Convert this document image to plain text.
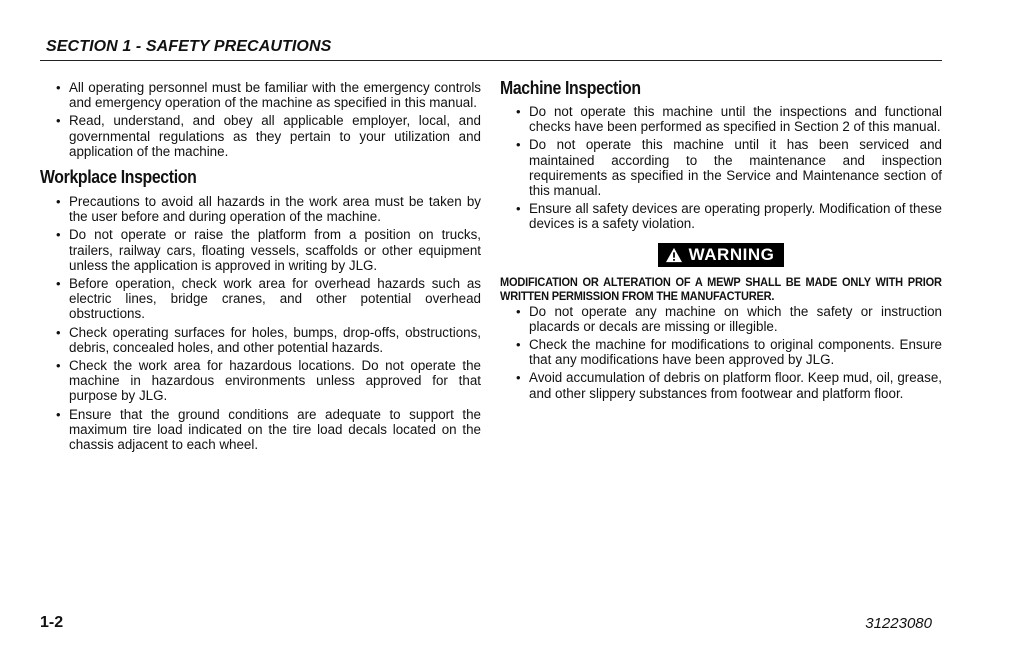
SECTION 1 - SAFETY PRECAUTIONS
• All operating personnel must be familiar with the emergency controls and emergency operation of the machine as specified in this manual.
• Read, understand, and obey all applicable employer, local, and governmental regulations as they pertain to your utilization and application of the machine.
Workplace Inspection
• Precautions to avoid all hazards in the work area must be taken by the user before and during operation of the machine.
• Do not operate or raise the platform from a position on trucks, trailers, railway cars, floating vessels, scaffolds or other equipment unless the application is approved in writing by JLG.
• Before operation, check work area for overhead hazards such as electric lines, bridge cranes, and other potential overhead obstructions.
• Check operating surfaces for holes, bumps, drop-offs, obstructions, debris, concealed holes, and other potential hazards.
• Check the work area for hazardous locations. Do not operate the machine in hazardous environments unless approved for that purpose by JLG.
• Ensure that the ground conditions are adequate to support the maximum tire load indicated on the tire load decals located on the chassis adjacent to each wheel.
Machine Inspection
• Do not operate this machine until the inspections and functional checks have been performed as specified in Section 2 of this manual.
• Do not operate this machine until it has been serviced and maintained according to the maintenance and inspection requirements as specified in the Service and Maintenance section of this manual.
• Ensure all safety devices are operating properly. Modification of these devices is a safety violation.
WARNING
MODIFICATION OR ALTERATION OF A MEWP SHALL BE MADE ONLY WITH PRIOR WRITTEN PERMISSION FROM THE MANUFACTURER.
• Do not operate any machine on which the safety or instruction placards or decals are missing or illegible.
• Check the machine for modifications to original components. Ensure that any modifications have been approved by JLG.
• Avoid accumulation of debris on platform floor. Keep mud, oil, grease, and other slippery substances from footwear and platform floor.
1-2	31223080
